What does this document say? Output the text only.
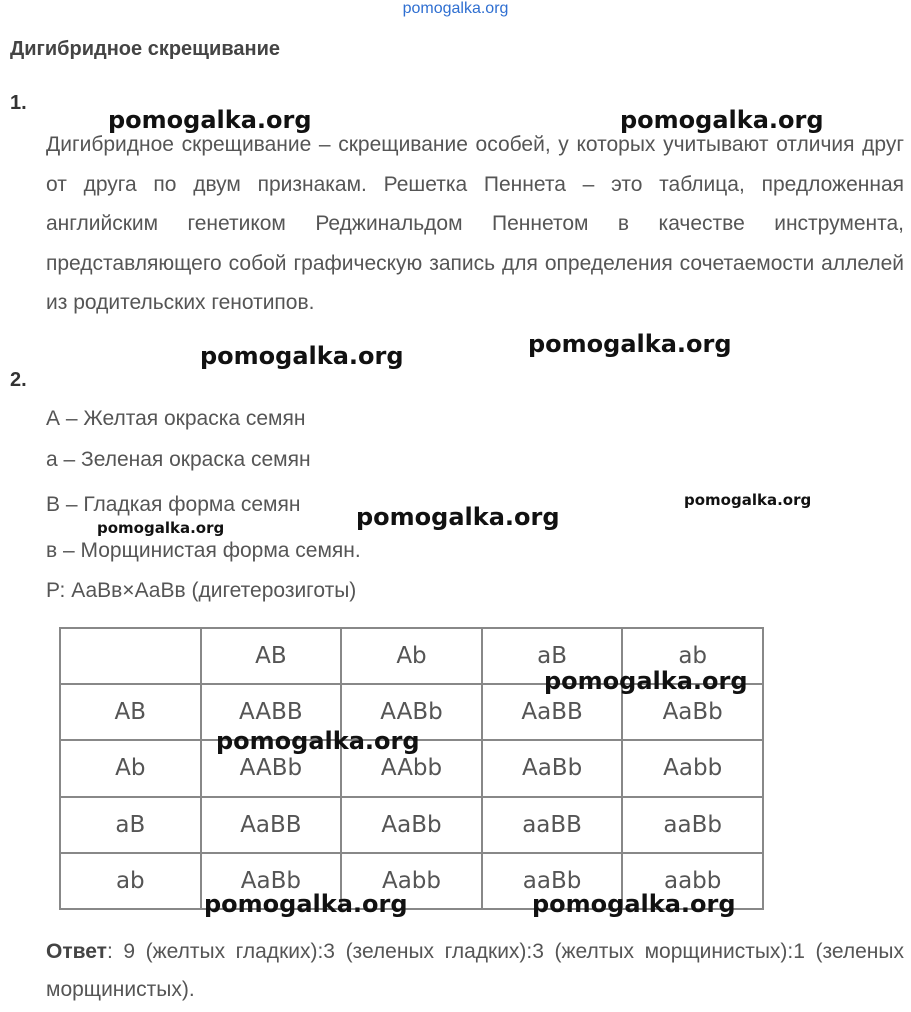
pomogalka.org
Дигибридное скрещивание
1.
Дигибридное скрещивание – скрещивание особей, у которых учитывают отличия друг от друга по двум признакам. Решетка Пеннета – это таблица, предложенная английским генетиком Реджинальдом Пеннетом в качестве инструмента, представляющего собой графическую запись для определения сочетаемости аллелей из родительских генотипов.
2.
А – Желтая окраска семян
а – Зеленая окраска семян
В – Гладкая форма семян
в – Морщинистая форма семян.
Р: АаВв×АаВв (дигетерозиготы)
	AB	Ab	aB	ab
AB	AABB	AABb	AaBB	AaBb
Ab	AABb	AAbb	AaBb	Aabb
aB	AaBB	AaBb	aaBB	aaBb
ab	AaBb	Aabb	aaBb	aabb
Ответ: 9 (желтых гладких):3 (зеленых гладких):3 (желтых морщинистых):1 (зеленых морщинистых).
pomogalka.org	pomogalka.org
pomogalka.org	pomogalka.org
pomogalka.org
pomogalka.org
pomogalka.org
pomogalka.org
pomogalka.org
pomogalka.org	pomogalka.org
